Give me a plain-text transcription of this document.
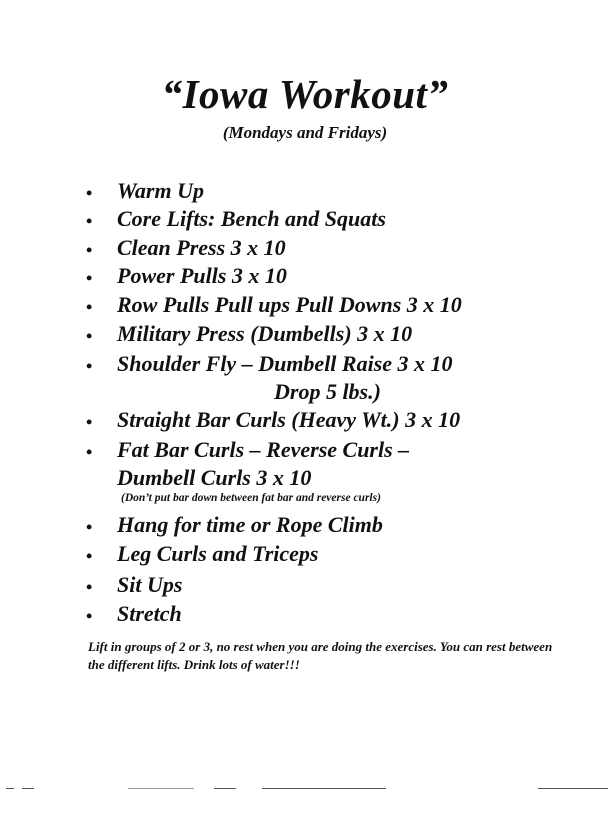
“Iowa Workout”

(Mondays and Fridays)

•
•
•
•
•
•
•
•
•
•
•
•
•
Warm Up
Core Lifts: Bench and Squats
Clean Press 3 x 10
Power Pulls 3 x 10
Row Pulls Pull ups Pull Downs 3 x 10
Military Press (Dumbells) 3 x 10
Shoulder Fly – Dumbell Raise 3 x 10
Drop 5 lbs.)
Straight Bar Curls (Heavy Wt.) 3 x 10
Fat Bar Curls – Reverse Curls –
Dumbell Curls 3 x 10
(Don’t put bar down between fat bar and reverse curls)
Hang for time or Rope Climb
Leg Curls and Triceps
Sit Ups
Stretch

Lift in groups of 2 or 3, no rest when you are doing the exercises. You can rest between the different lifts. Drink lots of water!!!
